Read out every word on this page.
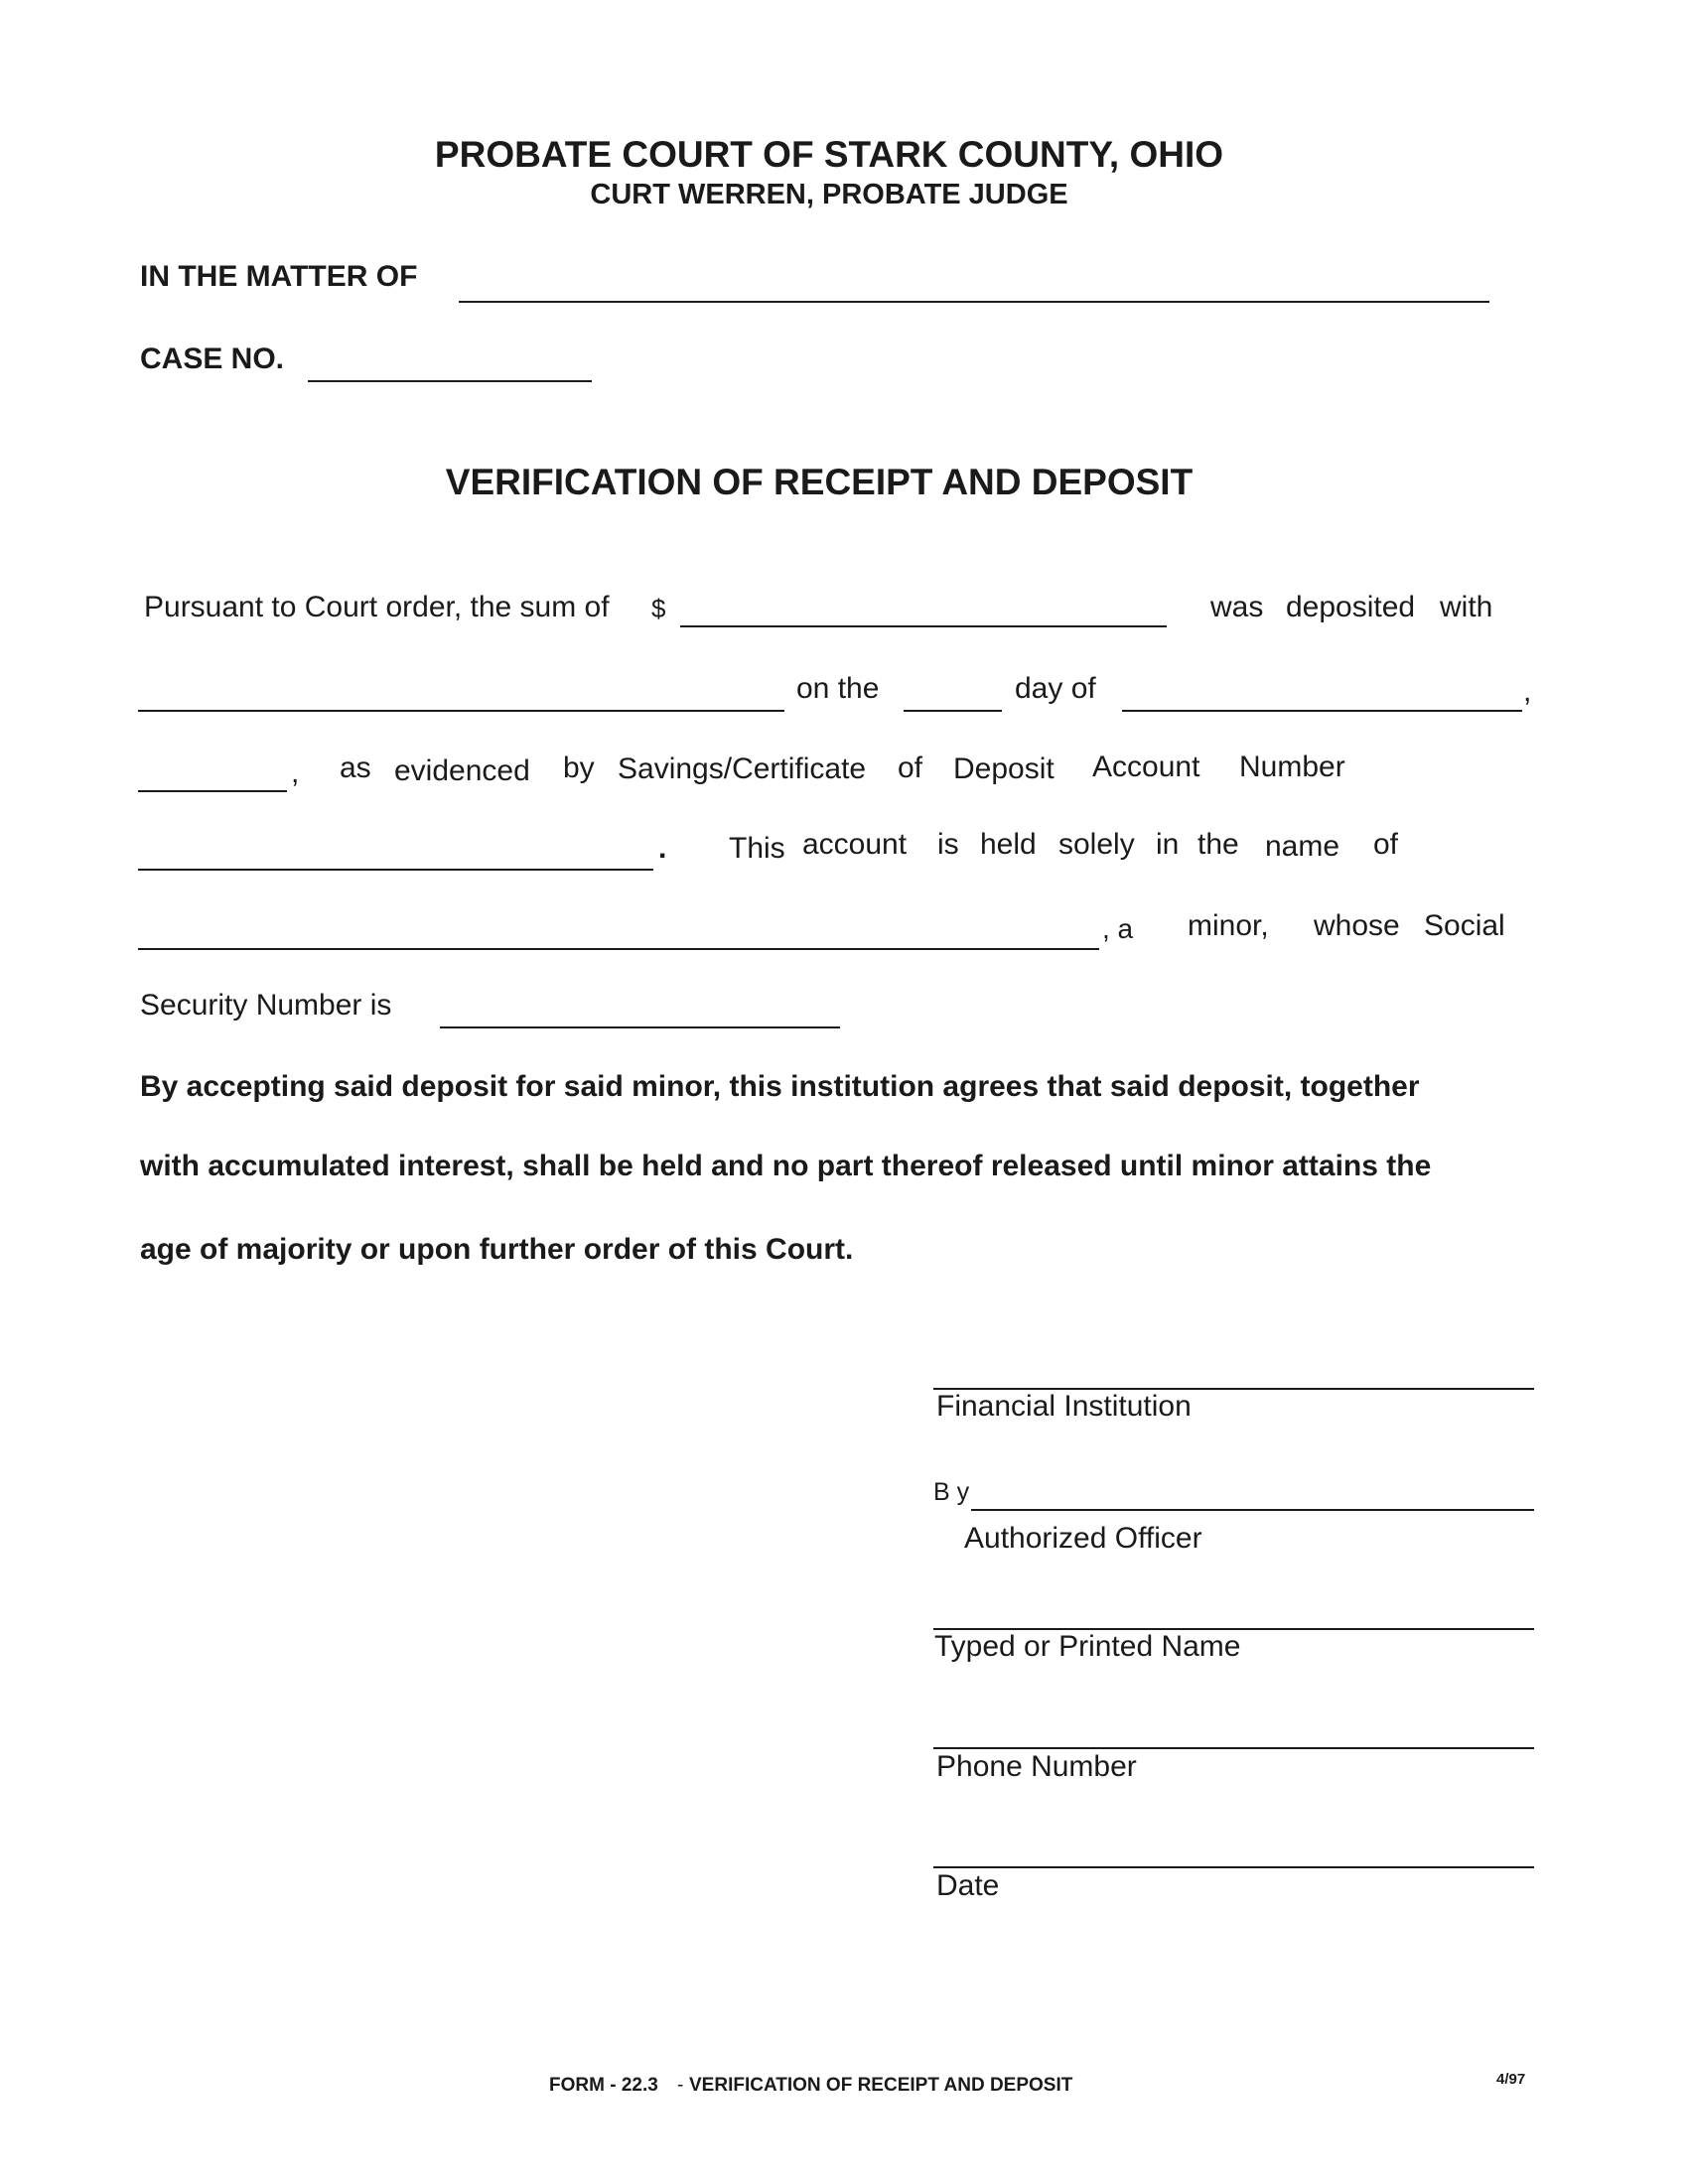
PROBATE COURT OF STARK COUNTY, OHIO
CURT WERREN, PROBATE JUDGE
IN THE MATTER OF
CASE NO.
VERIFICATION OF RECEIPT AND DEPOSIT
Pursuant to Court order, the sum of $	was deposited with
on the	day of	,
, as evidenced by Savings/Certificate of Deposit Account Number
. This account is held solely in the name of
, a minor, whose Social
Security Number is
By accepting said deposit for said minor, this institution agrees that said deposit, together
with accumulated interest, shall be held and no part thereof released until minor attains the
age of majority or upon further order of this Court.
Financial Institution
B y
Authorized Officer
Typed or Printed Name
Phone Number
Date
FORM - 22.3 - VERIFICATION OF RECEIPT AND DEPOSIT	4/97
